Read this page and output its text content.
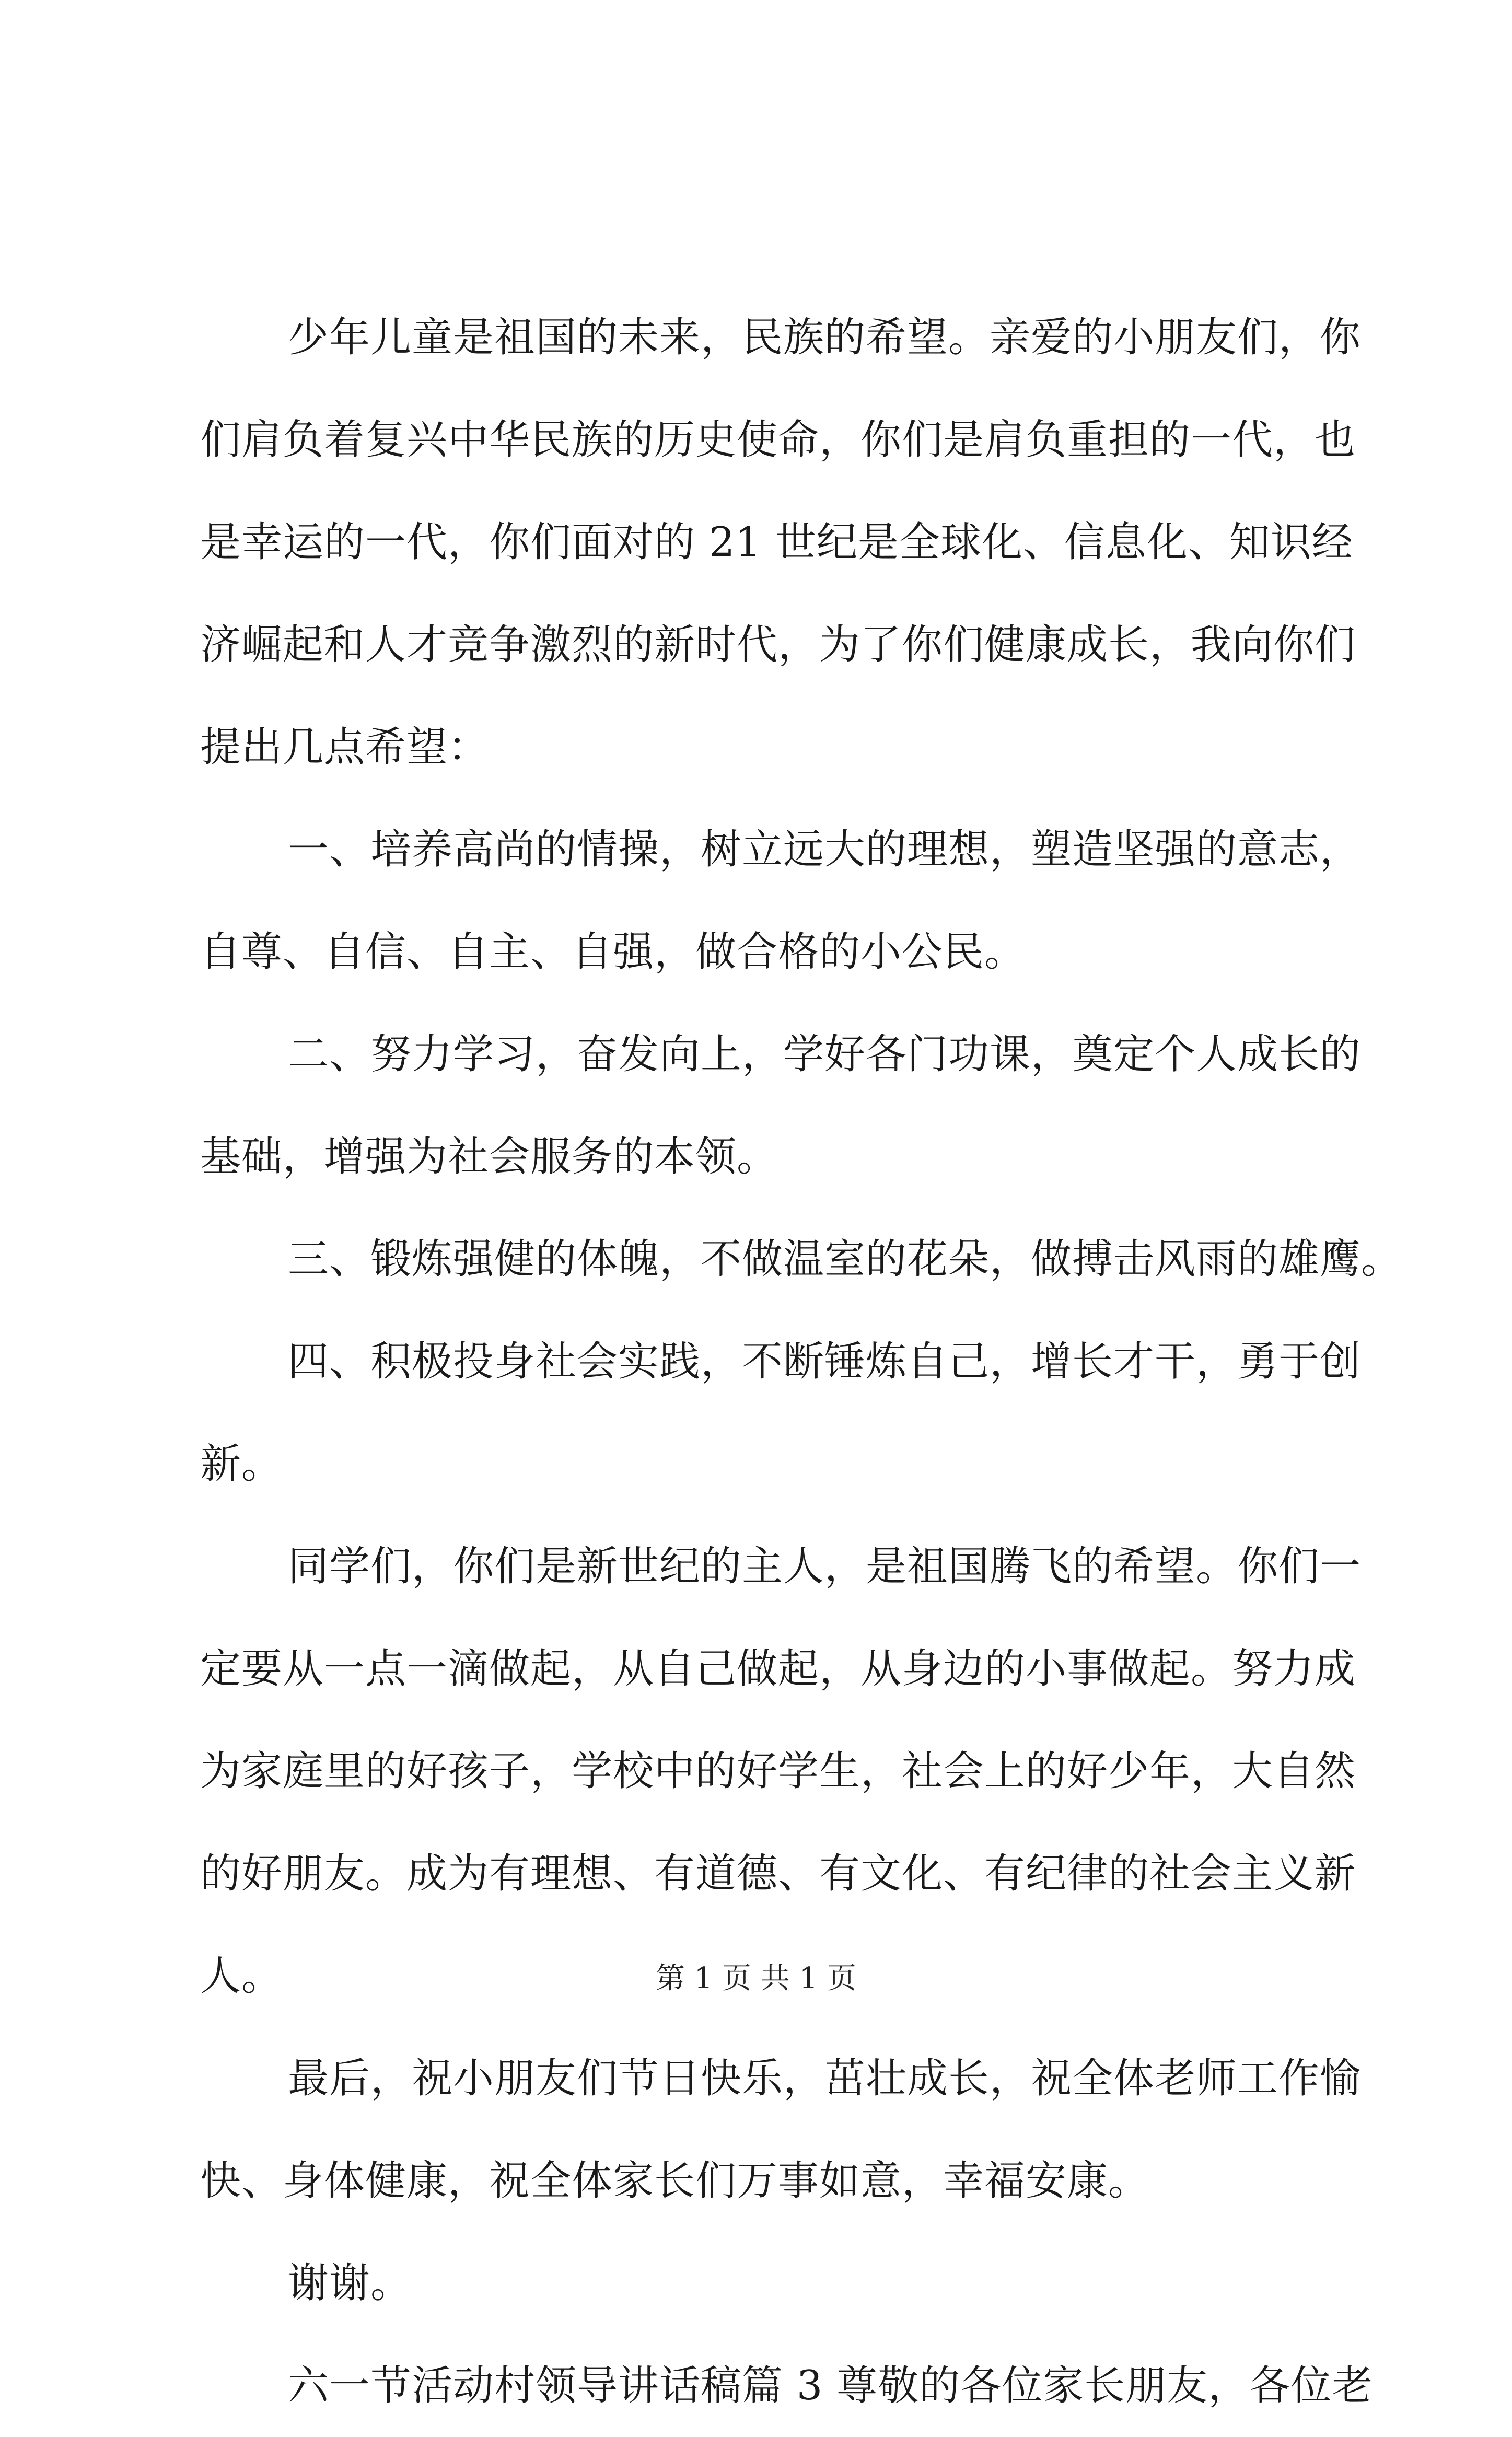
少年儿童是祖国的未来，民族的希望。亲爱的小朋友们，你
们肩负着复兴中华民族的历史使命，你们是肩负重担的一代，也
是幸运的一代，你们面对的 21 世纪是全球化、信息化、知识经
济崛起和人才竞争激烈的新时代，为了你们健康成长，我向你们
提出几点希望：
一、培养高尚的情操，树立远大的理想，塑造坚强的意志，
自尊、自信、自主、自强，做合格的小公民。
二、努力学习，奋发向上，学好各门功课，奠定个人成长的
基础，增强为社会服务的本领。
三、锻炼强健的体魄，不做温室的花朵，做搏击风雨的雄鹰。
四、积极投身社会实践，不断锤炼自己，增长才干，勇于创
新。
同学们，你们是新世纪的主人，是祖国腾飞的希望。你们一
定要从一点一滴做起，从自己做起，从身边的小事做起。努力成
为家庭里的好孩子，学校中的好学生，社会上的好少年，大自然
的好朋友。成为有理想、有道德、有文化、有纪律的社会主义新
人。
最后，祝小朋友们节日快乐，茁壮成长，祝全体老师工作愉
快、身体健康，祝全体家长们万事如意，幸福安康。
谢谢。
六一节活动村领导讲话稿篇 3 尊敬的各位家长朋友，各位老
第 1 页 共 1 页
